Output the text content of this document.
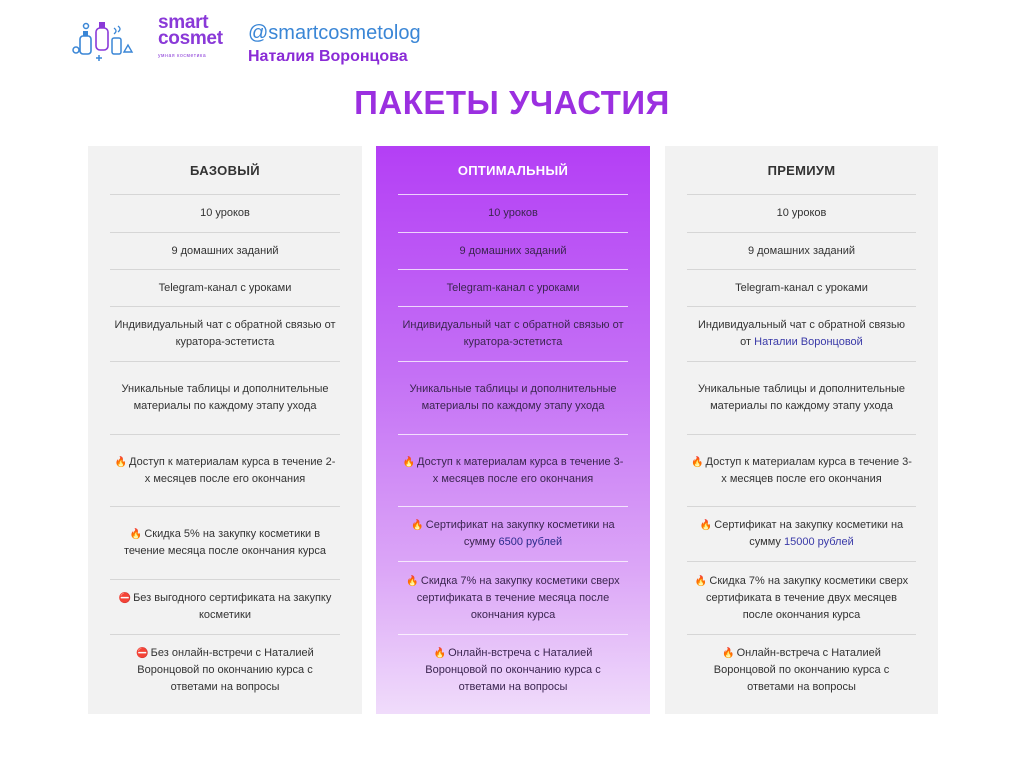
smart
cosmet
умная косметика
@smartcosmetolog
Наталия Воронцова
ПАКЕТЫ УЧАСТИЯ
БАЗОВЫЙ
10 уроков
9 домашних заданий
Telegram-канал с уроками
Индивидуальный чат с обратной связью от куратора-эстетиста
Уникальные таблицы и дополнительные материалы по каждому этапу ухода
🔥 Доступ к материалам курса в течение 2-х месяцев после его окончания
🔥 Скидка 5% на закупку косметики в течение месяца после окончания курса
⛔ Без выгодного сертификата на закупку косметики
⛔ Без онлайн-встречи с Наталией Воронцовой по окончанию курса с ответами на вопросы
ОПТИМАЛЬНЫЙ
10 уроков
9 домашних заданий
Telegram-канал с уроками
Индивидуальный чат с обратной связью от куратора-эстетиста
Уникальные таблицы и дополнительные материалы по каждому этапу ухода
🔥 Доступ к материалам курса в течение 3-х месяцев после его окончания
🔥 Сертификат на закупку косметики на сумму 6500 рублей
🔥 Скидка 7% на закупку косметики сверх сертификата в течение месяца после окончания курса
🔥 Онлайн-встреча с Наталией Воронцовой по окончанию курса с ответами на вопросы
ПРЕМИУМ
10 уроков
9 домашних заданий
Telegram-канал с уроками
Индивидуальный чат с обратной связью от Наталии Воронцовой
Уникальные таблицы и дополнительные материалы по каждому этапу ухода
🔥 Доступ к материалам курса в течение 3-х месяцев после его окончания
🔥 Сертификат на закупку косметики на сумму 15000 рублей
🔥 Скидка 7% на закупку косметики сверх сертификата в течение двух месяцев после окончания курса
🔥 Онлайн-встреча с Наталией Воронцовой по окончанию курса с ответами на вопросы
